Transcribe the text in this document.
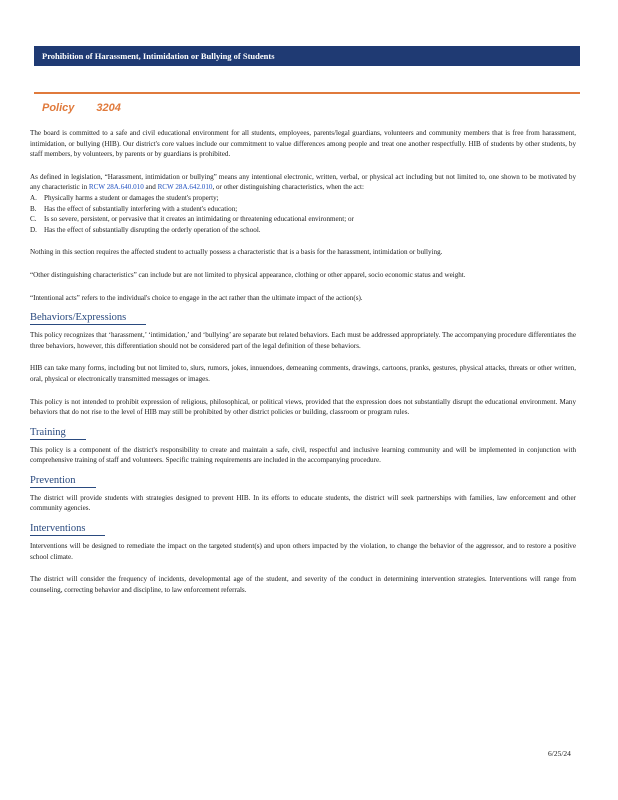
Prohibition of Harassment, Intimidation or Bullying of Students
Policy 3204

The board is committed to a safe and civil educational environment for all students, employees, parents/legal guardians, volunteers and community members that is free from harassment, intimidation, or bullying (HIB). Our district's core values include our commitment to value differences among people and treat one another respectfully. HIB of students by other students, by staff members, by volunteers, by parents or by guardians is prohibited.

As defined in legislation, “Harassment, intimidation or bullying” means any intentional electronic, written, verbal, or physical act including but not limited to, one shown to be motivated by any characteristic in RCW 28A.640.010 and RCW 28A.642.010, or other distinguishing characteristics, when the act:

A. Physically harms a student or damages the student's property;
B.	Has the effect of substantially interfering with a student's education;
C.	Is so severe, persistent, or pervasive that it creates an intimidating or threatening educational environment; or
D. Has the effect of substantially disrupting the orderly operation of the school.

Nothing in this section requires the affected student to actually possess a characteristic that is a basis for the harassment, intimidation or bullying.

“Other distinguishing characteristics” can include but are not limited to physical appearance, clothing or other apparel, socio economic status and weight.

“Intentional acts” refers to the individual's choice to engage in the act rather than the ultimate impact of the action(s).

Behaviors/Expressions

This policy recognizes that ‘harassment,’ ‘intimidation,’ and ‘bullying’ are separate but related behaviors. Each must be addressed appropriately. The accompanying procedure differentiates the three behaviors, however, this differentiation should not be considered part of the legal definition of these behaviors.

HIB can take many forms, including but not limited to, slurs, rumors, jokes, innuendoes, demeaning comments, drawings, cartoons, pranks, gestures, physical attacks, threats or other written, oral, physical or electronically transmitted messages or images.

This policy is not intended to prohibit expression of religious, philosophical, or political views, provided that the expression does not substantially disrupt the educational environment. Many behaviors that do not rise to the level of HIB may still be prohibited by other district policies or building, classroom or program rules.

Training

This policy is a component of the district's responsibility to create and maintain a safe, civil, respectful and inclusive learning community and will be implemented in conjunction with comprehensive training of staff and volunteers. Specific training requirements are included in the accompanying procedure.

Prevention

The district will provide students with strategies designed to prevent HIB. In its efforts to educate students, the district will seek partnerships with families, law enforcement and other community agencies.

Interventions

Interventions will be designed to remediate the impact on the targeted student(s) and upon others impacted by the violation, to change the behavior of the aggressor, and to restore a positive school climate.

The district will consider the frequency of incidents, developmental age of the student, and severity of the conduct in determining intervention strategies. Interventions will range from counseling, correcting behavior and discipline, to law enforcement referrals.

6/25/24
